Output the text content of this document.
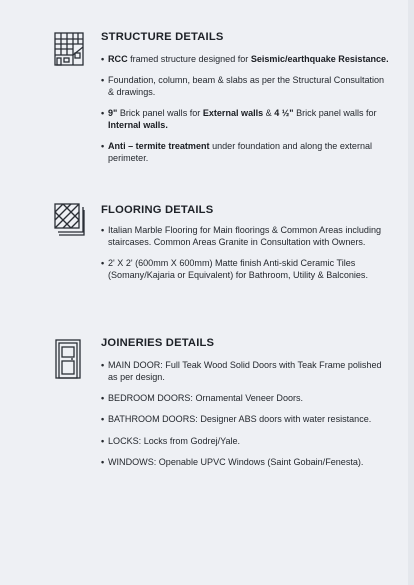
STRUCTURE DETAILS
• RCC framed structure designed for Seismic/earthquake Resistance.
• Foundation, column, beam & slabs as per the Structural Consultation & drawings.
• 9" Brick panel walls for External walls & 4 ½" Brick panel walls for Internal walls.
• Anti – termite treatment under foundation and along the external perimeter.
FLOORING DETAILS
• Italian Marble Flooring for Main floorings & Common Areas including staircases. Common Areas Granite in Consultation with Owners.
• 2' X 2' (600mm X 600mm) Matte finish Anti-skid Ceramic Tiles (Somany/Kajaria or Equivalent) for Bathroom, Utility & Balconies.
JOINERIES DETAILS
• MAIN DOOR: Full Teak Wood Solid Doors with Teak Frame polished as per design.
• BEDROOM DOORS: Ornamental Veneer Doors.
• BATHROOM DOORS: Designer ABS doors with water resistance.
• LOCKS: Locks from Godrej/Yale.
• WINDOWS: Openable UPVC Windows (Saint Gobain/Fenesta).
